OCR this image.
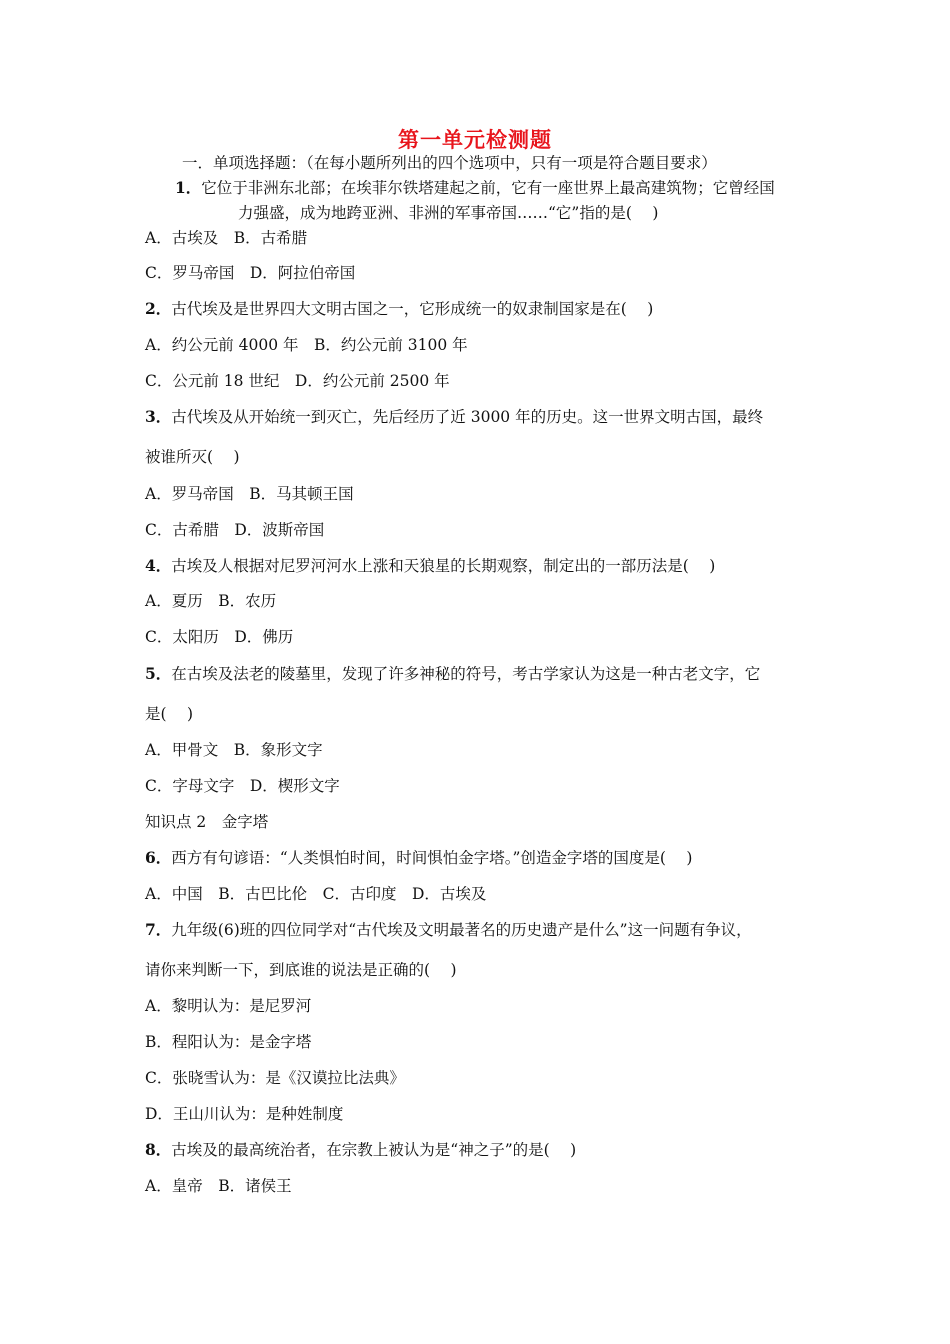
第一单元检测题
一．单项选择题：（在每小题所列出的四个选项中，只有一项是符合题目要求）
1．它位于非洲东北部；在埃菲尔铁塔建起之前，它有一座世界上最高建筑物；它曾经国
力强盛，成为地跨亚洲、非洲的军事帝国……“它”指的是(　 )
A．古埃及　B．古希腊
C．罗马帝国　D．阿拉伯帝国
2．古代埃及是世界四大文明古国之一，它形成统一的奴隶制国家是在(　 )
A．约公元前 4000 年　B．约公元前 3100 年
C．公元前 18 世纪　D．约公元前 2500 年
3．古代埃及从开始统一到灭亡，先后经历了近 3000 年的历史。这一世界文明古国，最终
被谁所灭(　 )
A．罗马帝国　B．马其顿王国
C．古希腊　D．波斯帝国
4．古埃及人根据对尼罗河河水上涨和天狼星的长期观察，制定出的一部历法是(　 )
A．夏历　B．农历
C．太阳历　D．佛历
5．在古埃及法老的陵墓里，发现了许多神秘的符号，考古学家认为这是一种古老文字，它
是(　 )
A．甲骨文　B．象形文字
C．字母文字　D．楔形文字
知识点 2　金字塔
6．西方有句谚语：“人类惧怕时间，时间惧怕金字塔。”创造金字塔的国度是(　 )
A．中国　B．古巴比伦　C．古印度　D．古埃及
7．九年级(6)班的四位同学对“古代埃及文明最著名的历史遗产是什么”这一问题有争议，
请你来判断一下，到底谁的说法是正确的(　 )
A．黎明认为：是尼罗河
B．程阳认为：是金字塔
C．张晓雪认为：是《汉谟拉比法典》
D．王山川认为：是种姓制度
8．古埃及的最高统治者，在宗教上被认为是“神之子”的是(　 )
A．皇帝　B．诸侯王
